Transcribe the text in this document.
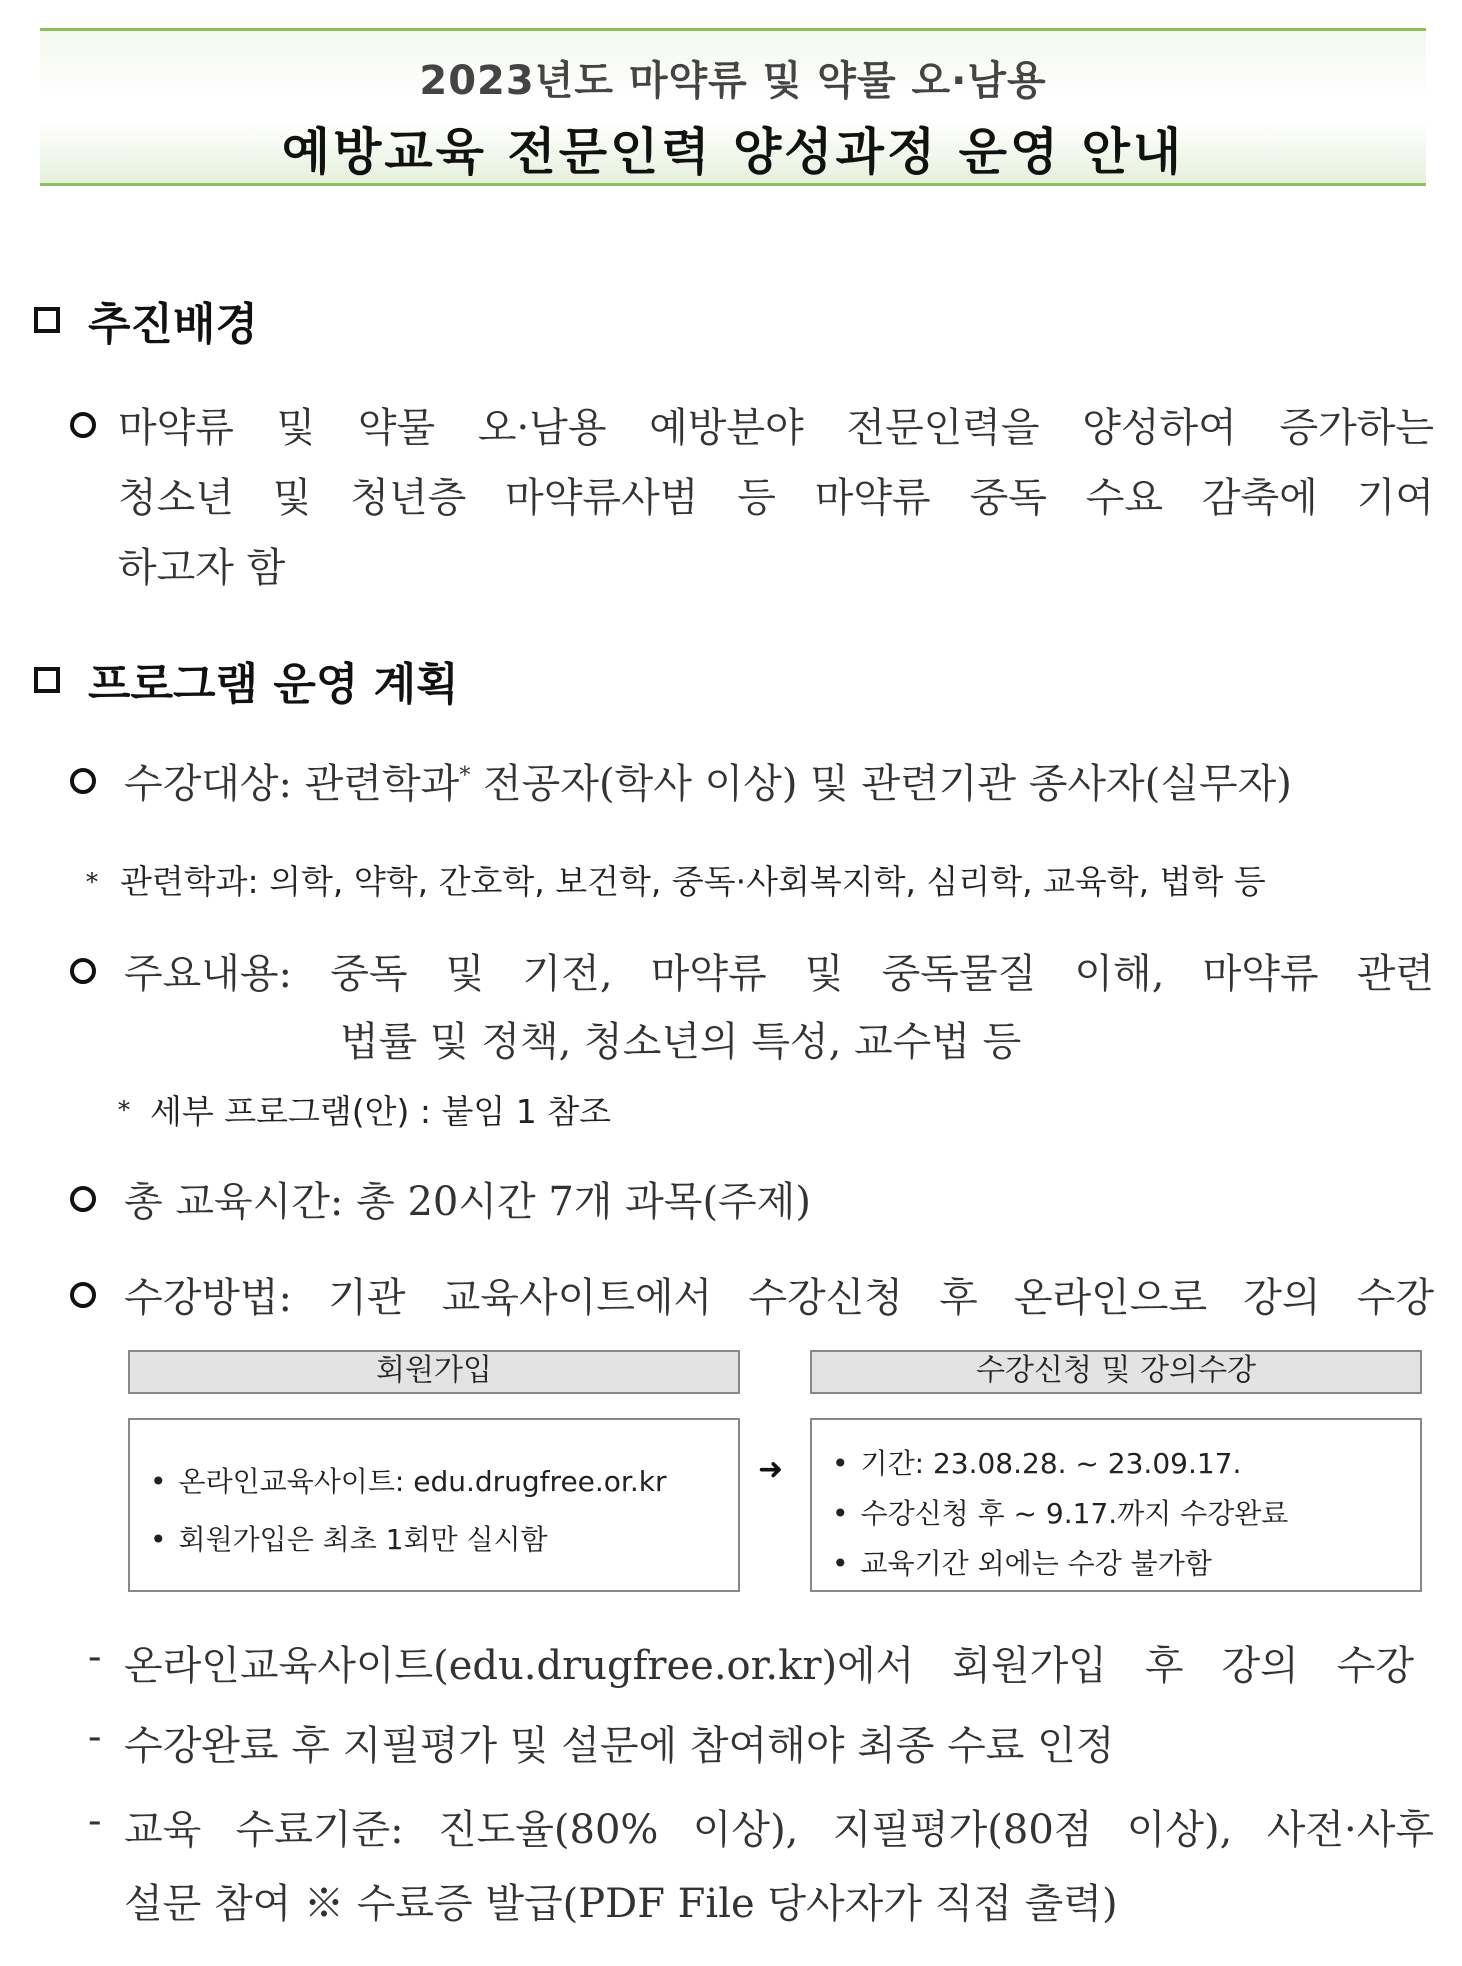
2023년도 마약류 및 약물 오·남용
예방교육 전문인력 양성과정 운영 안내
추진배경
마약류 및 약물 오·남용 예방분야 전문인력을 양성하여 증가하는
청소년 및 청년층 마약류사범 등 마약류 중독 수요 감축에 기여
하고자 함
프로그램 운영 계획
수강대상: 관련학과* 전공자(학사 이상) 및 관련기관 종사자(실무자)
* 관련학과: 의학, 약학, 간호학, 보건학, 중독·사회복지학, 심리학, 교육학, 법학 등
주요내용: 중독 및 기전, 마약류 및 중독물질 이해, 마약류 관련
법률 및 정책, 청소년의 특성, 교수법 등
* 세부 프로그램(안) : 붙임 1 참조
총 교육시간: 총 20시간 7개 과목(주제)
수강방법: 기관 교육사이트에서 수강신청 후 온라인으로 강의 수강
회원가입
• 온라인교육사이트: edu.drugfree.or.kr
• 회원가입은 최초 1회만 실시함
➜
수강신청 및 강의수강
• 기간: 23.08.28. ~ 23.09.17.
• 수강신청 후 ~ 9.17.까지 수강완료
• 교육기간 외에는 수강 불가함
- 온라인교육사이트(edu.drugfree.or.kr)에서 회원가입 후 강의 수강
- 수강완료 후 지필평가 및 설문에 참여해야 최종 수료 인정
- 교육 수료기준: 진도율(80% 이상), 지필평가(80점 이상), 사전·사후
설문 참여 ※ 수료증 발급(PDF File 당사자가 직접 출력)
